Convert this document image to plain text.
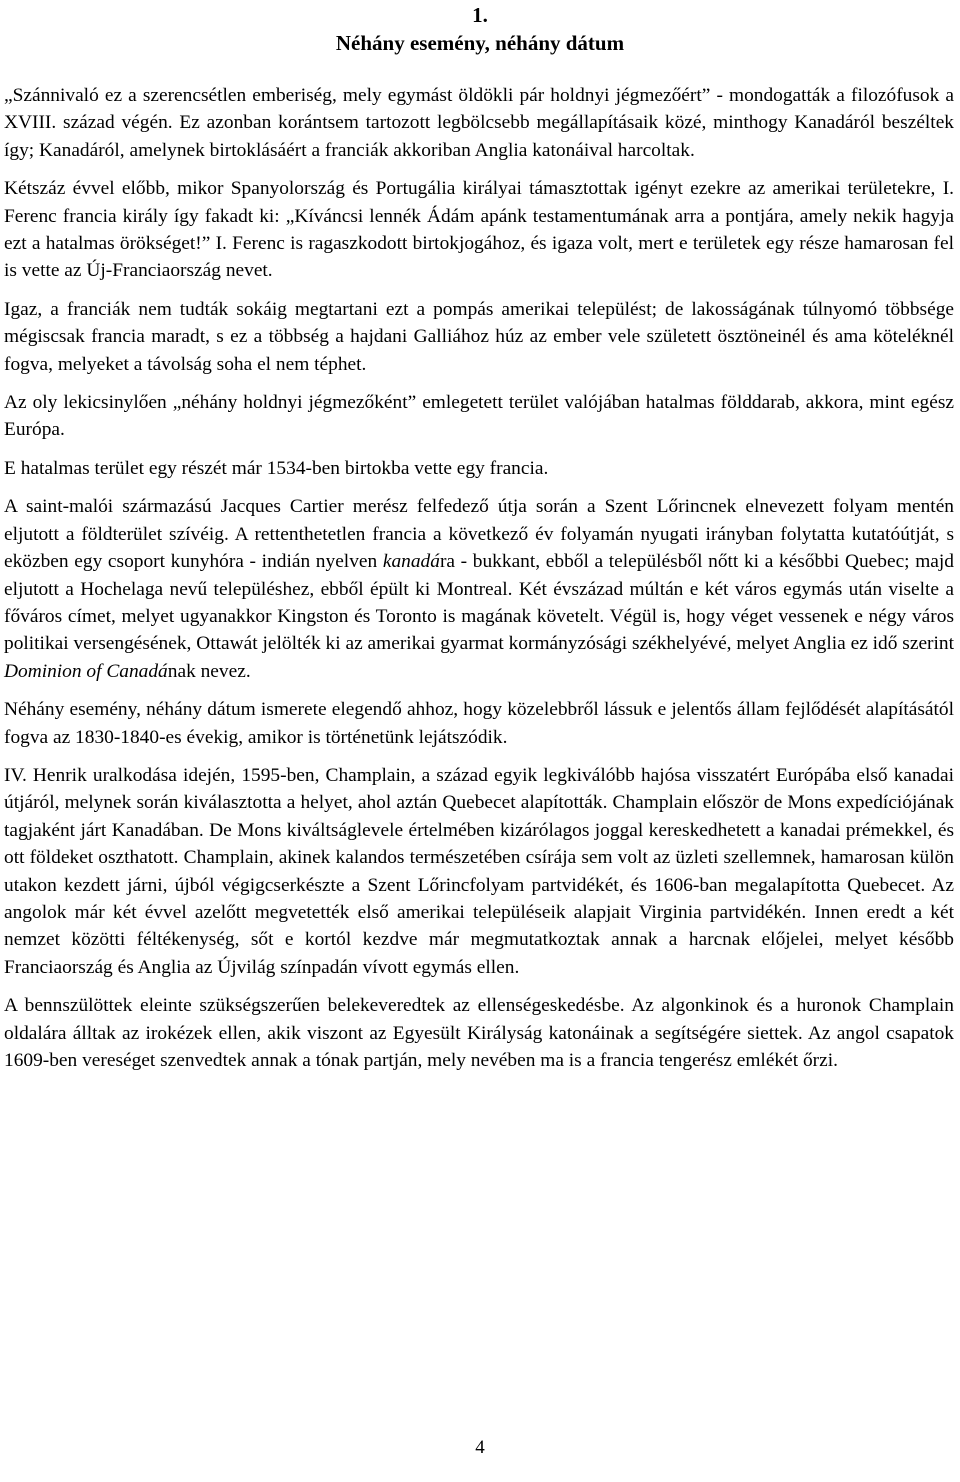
1.
Néhány esemény, néhány dátum

„Szánnivaló ez a szerencsétlen emberiség, mely egymást öldökli pár holdnyi jégmezőért” - mondogatták a filozófusok a XVIII. század végén. Ez azonban korántsem tartozott legbölcsebb megállapításaik közé, minthogy Kanadáról beszéltek így; Kanadáról, amelynek birtoklásáért a franciák akkoriban Anglia katonáival harcoltak.

Kétszáz évvel előbb, mikor Spanyolország és Portugália királyai támasztottak igényt ezekre az amerikai területekre, I. Ferenc francia király így fakadt ki: „Kíváncsi lennék Ádám apánk testamentumának arra a pontjára, amely nekik hagyja ezt a hatalmas örökséget!” I. Ferenc is ragaszkodott birtokjogához, és igaza volt, mert e területek egy része hamarosan fel is vette az Új-Franciaország nevet.

Igaz, a franciák nem tudták sokáig megtartani ezt a pompás amerikai települést; de lakosságának túlnyomó többsége mégiscsak francia maradt, s ez a többség a hajdani Galliához húz az ember vele született ösztöneinél és ama köteléknél fogva, melyeket a távolság soha el nem téphet.

Az oly lekicsinylően „néhány holdnyi jégmezőként” emlegetett terület valójában hatalmas földdarab, akkora, mint egész Európa.

E hatalmas terület egy részét már 1534-ben birtokba vette egy francia.

A saint-malói származású Jacques Cartier merész felfedező útja során a Szent Lőrincnek elnevezett folyam mentén eljutott a földterület szívéig. A rettenthetetlen francia a következő év folyamán nyugati irányban folytatta kutatóútját, s eközben egy csoport kunyhóra - indián nyelven kanadára - bukkant, ebből a településből nőtt ki a későbbi Quebec; majd eljutott a Hochelaga nevű településhez, ebből épült ki Montreal. Két évszázad múltán e két város egymás után viselte a főváros címet, melyet ugyanakkor Kingston és Toronto is magának követelt. Végül is, hogy véget vessenek e négy város politikai versengésének, Ottawát jelölték ki az amerikai gyarmat kormányzósági székhelyévé, melyet Anglia ez idő szerint Dominion of Canadának nevez.

Néhány esemény, néhány dátum ismerete elegendő ahhoz, hogy közelebbről lássuk e jelentős állam fejlődését alapításától fogva az 1830-1840-es évekig, amikor is történetünk lejátszódik.

IV. Henrik uralkodása idején, 1595-ben, Champlain, a század egyik legkiválóbb hajósa visszatért Európába első kanadai útjáról, melynek során kiválasztotta a helyet, ahol aztán Quebecet alapították. Champlain először de Mons expedíciójának tagjaként járt Kanadában. De Mons kiváltságlevele értelmében kizárólagos joggal kereskedhetett a kanadai prémekkel, és ott földeket oszthatott. Champlain, akinek kalandos természetében csírája sem volt az üzleti szellemnek, hamarosan külön utakon kezdett járni, újból végigcserkészte a Szent Lőrincfolyam partvidékét, és 1606-ban megalapította Quebecet. Az angolok már két évvel azelőtt megvetették első amerikai településeik alapjait Virginia partvidékén. Innen eredt a két nemzet közötti féltékenység, sőt e kortól kezdve már megmutatkoztak annak a harcnak előjelei, melyet később Franciaország és Anglia az Újvilág színpadán vívott egymás ellen.

A bennszülöttek eleinte szükségszerűen belekeveredtek az ellenségeskedésbe. Az algonkinok és a huronok Champlain oldalára álltak az irokézek ellen, akik viszont az Egyesült Királyság katonáinak a segítségére siettek. Az angol csapatok 1609-ben vereséget szenvedtek annak a tónak partján, mely nevében ma is a francia tengerész emlékét őrzi.

4
